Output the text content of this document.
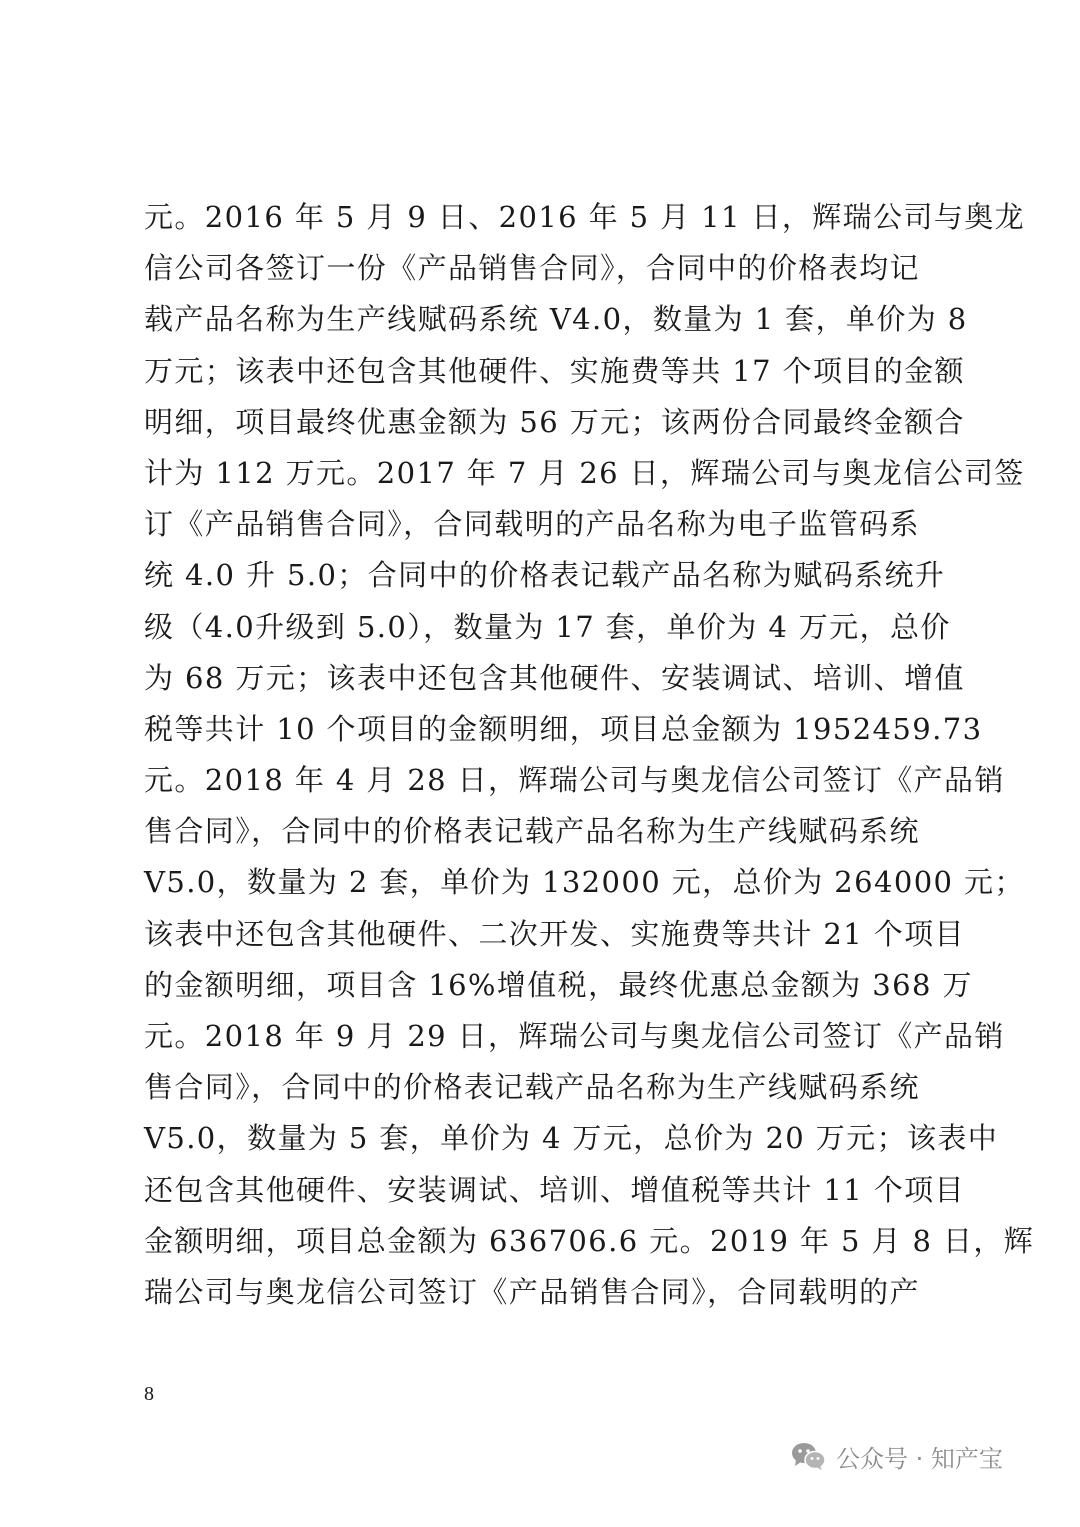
元。2016 年 5 月 9 日、2016 年 5 月 11 日，辉瑞公司与奥龙
信公司各签订一份《产品销售合同》，合同中的价格表均记
载产品名称为生产线赋码系统 V4.0，数量为 1 套，单价为 8
万元；该表中还包含其他硬件、实施费等共 17 个项目的金额
明细，项目最终优惠金额为 56 万元；该两份合同最终金额合
计为 112 万元。2017 年 7 月 26 日，辉瑞公司与奥龙信公司签
订《产品销售合同》，合同载明的产品名称为电子监管码系
统 4.0 升 5.0；合同中的价格表记载产品名称为赋码系统升
级（4.0升级到 5.0），数量为 17 套，单价为 4 万元，总价
为 68 万元；该表中还包含其他硬件、安装调试、培训、增值
税等共计 10 个项目的金额明细，项目总金额为 1952459.73
元。2018 年 4 月 28 日，辉瑞公司与奥龙信公司签订《产品销
售合同》，合同中的价格表记载产品名称为生产线赋码系统
V5.0，数量为 2 套，单价为 132000 元，总价为 264000 元；
该表中还包含其他硬件、二次开发、实施费等共计 21 个项目
的金额明细，项目含 16%增值税，最终优惠总金额为 368 万
元。2018 年 9 月 29 日，辉瑞公司与奥龙信公司签订《产品销
售合同》，合同中的价格表记载产品名称为生产线赋码系统
V5.0，数量为 5 套，单价为 4 万元，总价为 20 万元；该表中
还包含其他硬件、安装调试、培训、增值税等共计 11 个项目
金额明细，项目总金额为 636706.6 元。2019 年 5 月 8 日，辉
瑞公司与奥龙信公司签订《产品销售合同》，合同载明的产
8
公众号 · 知产宝
